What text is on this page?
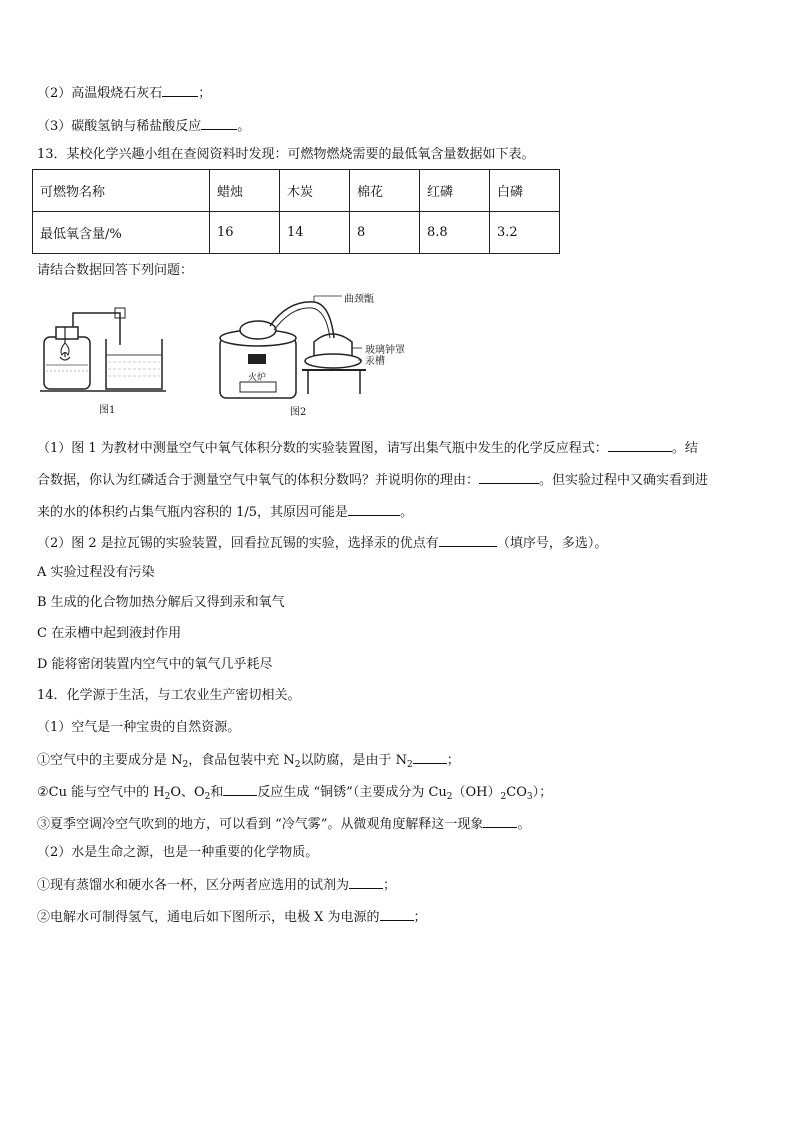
（2）高温煅烧石灰石	；
（3）碳酸氢钠与稀盐酸反应	。
13．某校化学兴趣小组在查阅资料时发现：可燃物燃烧需要的最低氧含量数据如下表。
可燃物名称	蜡烛	木炭	棉花	红磷	白磷
最低氧含量/%	16	14	8	8.8	3.2
请结合数据回答下列问题：
图1
曲颈甑
玻璃钟罩
汞槽
火炉
图2
（1）图 1 为教材中测量空气中氧气体积分数的实验装置图，请写出集气瓶中发生的化学反应程式：	。结
合数据，你认为红磷适合于测量空气中氧气的体积分数吗？并说明你的理由：	。但实验过程中又确实看到进
来的水的体积约占集气瓶内容积的 1/5，其原因可能是	。
（2）图 2 是拉瓦锡的实验装置，回看拉瓦锡的实验，选择汞的优点有	（填序号，多选）。
A 实验过程没有污染
B 生成的化合物加热分解后又得到汞和氧气
C 在汞槽中起到液封作用
D 能将密闭装置内空气中的氧气几乎耗尽
14．化学源于生活，与工农业生产密切相关。
（1）空气是一种宝贵的自然资源。
①空气中的主要成分是 $N_2$，食品包装中充 $N_2$以防腐，是由于 $N_2$	；
②Cu 能与空气中的 $H_2O$、$O_2$和	反应生成 “铜锈”（主要成分为 $Cu_2(OH)_2CO_3$）；
③夏季空调冷空气吹到的地方，可以看到 “冷气雾”。从微观角度解释这一现象	。
（2）水是生命之源，也是一种重要的化学物质。
①现有蒸馏水和硬水各一杯，区分两者应选用的试剂为	；
②电解水可制得氢气，通电后如下图所示，电极 X 为电源的	；
